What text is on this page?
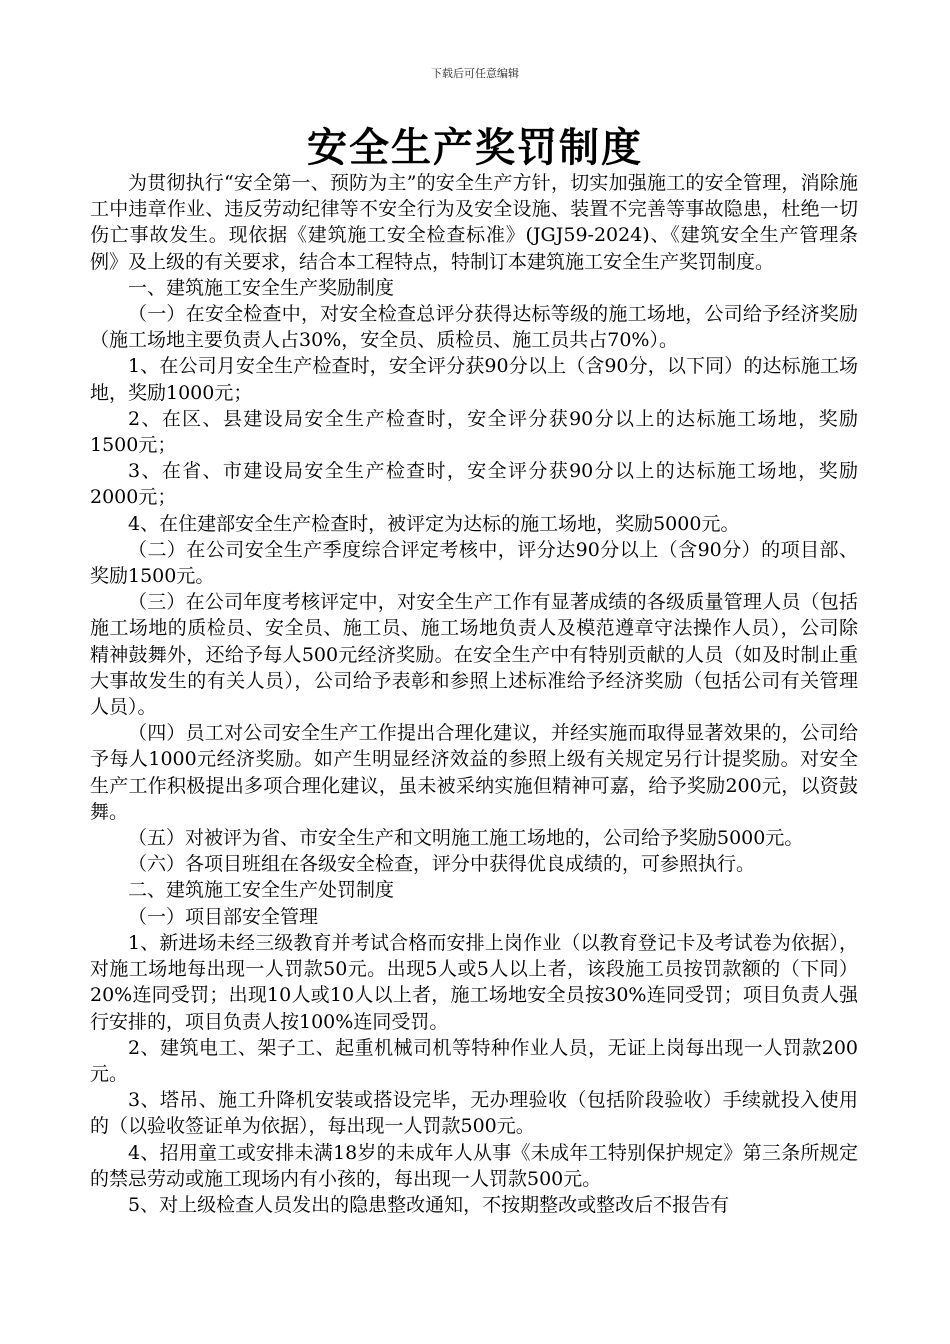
下载后可任意编辑
安全生产奖罚制度

为贯彻执行“安全第一、预防为主”的安全生产方针，切实加强施工的安全管理，消除施工中违章作业、违反劳动纪律等不安全行为及安全设施、装置不完善等事故隐患，杜绝一切伤亡事故发生。现依据《建筑施工安全检查标准》(JGJ59-2024)、《建筑安全生产管理条例》及上级的有关要求，结合本工程特点，特制订本建筑施工安全生产奖罚制度。

一、建筑施工安全生产奖励制度

（一）在安全检查中，对安全检查总评分获得达标等级的施工场地，公司给予经济奖励（施工场地主要负责人占30%，安全员、质检员、施工员共占70%）。

1、在公司月安全生产检查时，安全评分获90分以上（含90分，以下同）的达标施工场地，奖励1000元；

2、在区、县建设局安全生产检查时，安全评分获90分以上的达标施工场地，奖励1500元；

3、在省、市建设局安全生产检查时，安全评分获90分以上的达标施工场地，奖励2000元；

4、在住建部安全生产检查时，被评定为达标的施工场地，奖励5000元。

（二）在公司安全生产季度综合评定考核中，评分达90分以上（含90分）的项目部、奖励1500元。

（三）在公司年度考核评定中，对安全生产工作有显著成绩的各级质量管理人员（包括施工场地的质检员、安全员、施工员、施工场地负责人及模范遵章守法操作人员），公司除精神鼓舞外，还给予每人500元经济奖励。在安全生产中有特别贡献的人员（如及时制止重大事故发生的有关人员），公司给予表彰和参照上述标准给予经济奖励（包括公司有关管理人员）。

（四）员工对公司安全生产工作提出合理化建议，并经实施而取得显著效果的，公司给予每人1000元经济奖励。如产生明显经济效益的参照上级有关规定另行计提奖励。对安全生产工作积极提出多项合理化建议，虽未被采纳实施但精神可嘉，给予奖励200元，以资鼓舞。

（五）对被评为省、市安全生产和文明施工施工场地的，公司给予奖励5000元。

（六）各项目班组在各级安全检查，评分中获得优良成绩的，可参照执行。

二、建筑施工安全生产处罚制度

（一）项目部安全管理

1、新进场未经三级教育并考试合格而安排上岗作业（以教育登记卡及考试卷为依据），对施工场地每出现一人罚款50元。出现5人或5人以上者，该段施工员按罚款额的（下同）20%连同受罚；出现10人或10人以上者，施工场地安全员按30%连同受罚；项目负责人强行安排的，项目负责人按100%连同受罚。

2、建筑电工、架子工、起重机械司机等特种作业人员，无证上岗每出现一人罚款200元。

3、塔吊、施工升降机安装或搭设完毕，无办理验收（包括阶段验收）手续就投入使用的（以验收签证单为依据），每出现一人罚款500元。

4、招用童工或安排未满18岁的未成年人从事《未成年工特别保护规定》第三条所规定的禁忌劳动或施工现场内有小孩的，每出现一人罚款500元。

5、对上级检查人员发出的隐患整改通知，不按期整改或整改后不报告有
